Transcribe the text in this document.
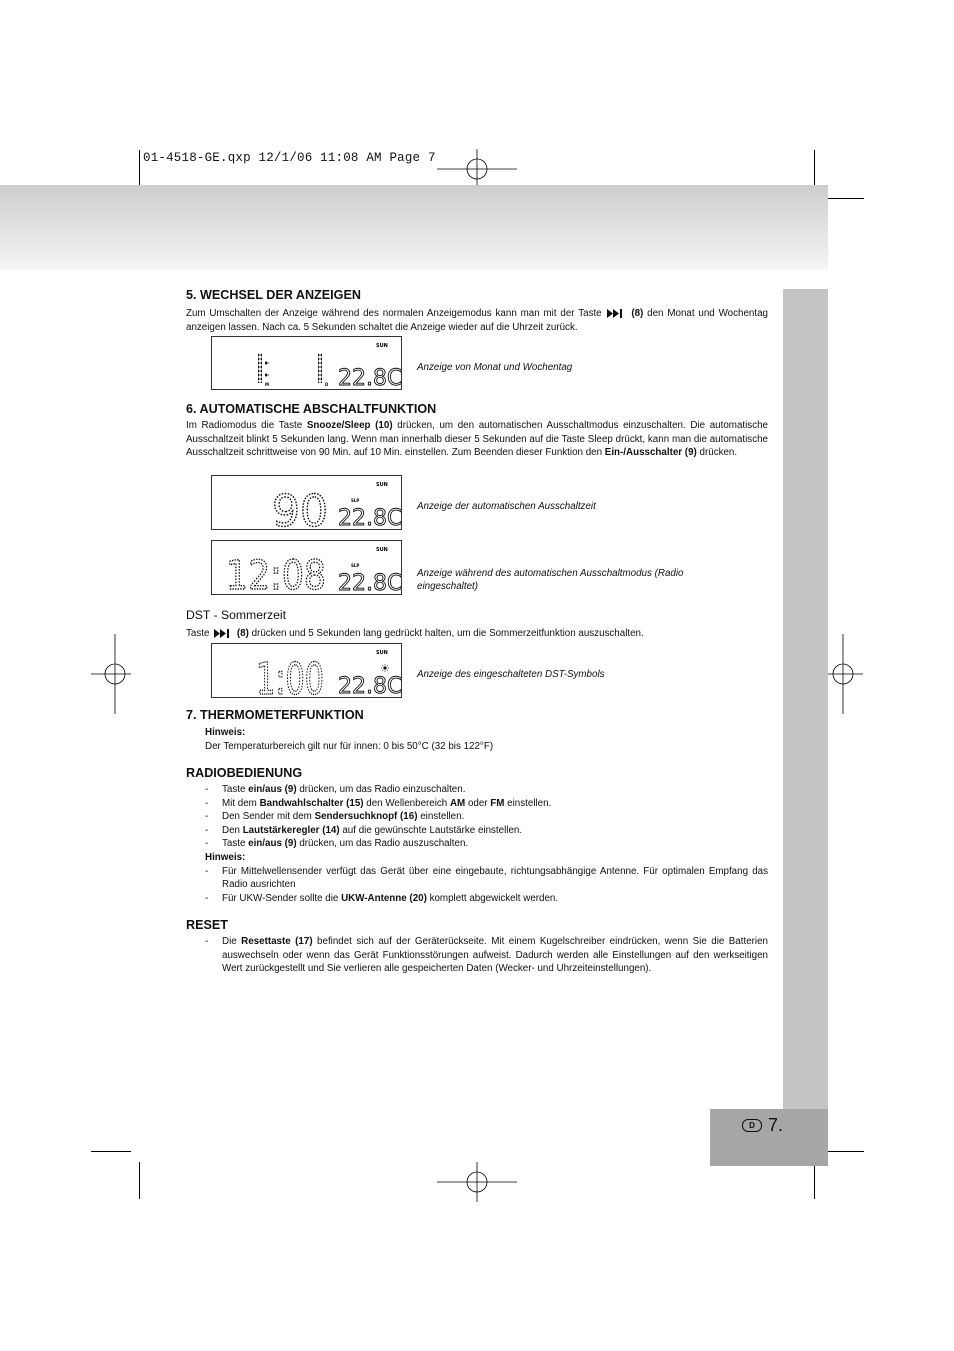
01-4518-GE.qxp 12/1/06 11:08 AM Page 7
D 7.
5. WECHSEL DER ANZEIGEN
Zum Umschalten der Anzeige während des normalen Anzeigemodus kann man mit der Taste	(8) den Monat und Wochentag anzeigen lassen. Nach ca. 5 Sekunden schaltet die Anzeige wieder auf die Uhrzeit zurück.
SUN
M	D 22.8C Anzeige von Monat und Wochentag
6. AUTOMATISCHE ABSCHALTFUNKTION
Im Radiomodus die Taste Snooze/Sleep (10) drücken, um den automatischen Ausschaltmodus einzuschalten. Die automatische Ausschaltzeit blinkt 5 Sekunden lang. Wenn man innerhalb dieser 5 Sekunden auf die Taste Sleep drückt, kann man die automatische Ausschaltzeit schrittweise von 90 Min. auf 10 Min. einstellen. Zum Beenden dieser Funktion den Ein-/Ausschalter (9) drücken.
SUN
SLP
90 22.8C Anzeige der automatischen Ausschaltzeit
SUN
SLP
12:08 22.8C Anzeige während des automatischen Ausschaltmodus (Radio eingeschaltet)
DST - Sommerzeit
Taste	(8) drücken und 5 Sekunden lang gedrückt halten, um die Sommerzeitfunktion auszuschalten.
SUN
1:00 22.8C Anzeige des eingeschalteten DST-Symbols
7. THERMOMETERFUNKTION
Hinweis:
Der Temperaturbereich gilt nur für innen: 0 bis 50°C (32 bis 122°F)
RADIOBEDIENUNG
- Taste ein/aus (9) drücken, um das Radio einzuschalten.
- Mit dem Bandwahlschalter (15) den Wellenbereich AM oder FM einstellen.
- Den Sender mit dem Sendersuchknopf (16) einstellen.
- Den Lautstärkeregler (14) auf die gewünschte Lautstärke einstellen.
- Taste ein/aus (9) drücken, um das Radio auszuschalten.
Hinweis:
- Für Mittelwellensender verfügt das Gerät über eine eingebaute, richtungsabhängige Antenne. Für optimalen Empfang das Radio ausrichten
- Für UKW-Sender sollte die UKW-Antenne (20) komplett abgewickelt werden.
RESET
- Die Resettaste (17) befindet sich auf der Geräterückseite. Mit einem Kugelschreiber eindrücken, wenn Sie die Batterien auswechseln oder wenn das Gerät Funktionsstörungen aufweist. Dadurch werden alle Einstellungen auf den werkseitigen Wert zurückgestellt und Sie verlieren alle gespeicherten Daten (Wecker- und Uhrzeiteinstellungen).
